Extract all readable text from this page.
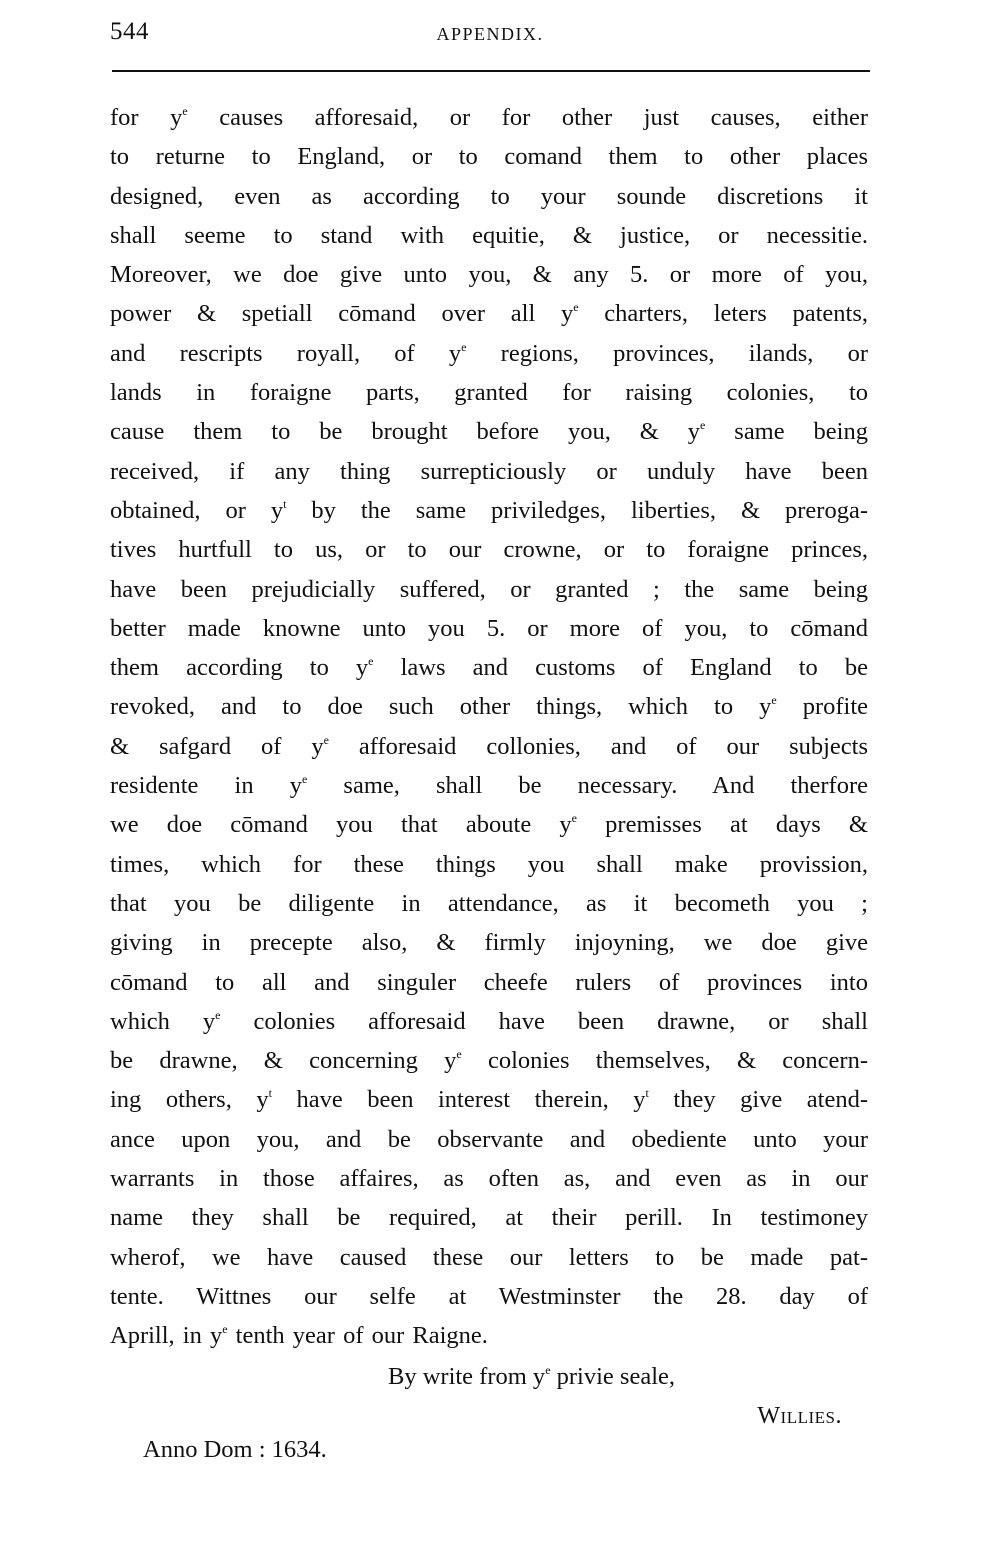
544	APPENDIX.
for $y^e$ causes afforesaid, or for other just causes, either
to returne to England, or to comand them to other places
designed, even as according to your sounde discretions it
shall seeme to stand with equitie, & justice, or necessitie.
Moreover, we doe give unto you, & any 5. or more of you,
power & spetiall cōmand over all $y^e$ charters, leters patents,
and rescripts royall, of $y^e$ regions, provinces, ilands, or
lands in foraigne parts, granted for raising colonies, to
cause them to be brought before you, & $y^e$ same being
received, if any thing surrepticiously or unduly have been
obtained, or $y^t$ by the same priviledges, liberties, & preroga-
tives hurtfull to us, or to our crowne, or to foraigne princes,
have been prejudicially suffered, or granted ; the same being
better made knowne unto you 5. or more of you, to cōmand
them according to $y^e$ laws and customs of England to be
revoked, and to doe such other things, which to $y^e$ profite
& safgard of $y^e$ afforesaid collonies, and of our subjects
residente in $y^e$ same, shall be necessary. And therfore
we doe cōmand you that aboute $y^e$ premisses at days &
times, which for these things you shall make provission,
that you be diligente in attendance, as it becometh you ;
giving in precepte also, & firmly injoyning, we doe give
cōmand to all and singuler cheefe rulers of provinces into
which $y^e$ colonies afforesaid have been drawne, or shall
be drawne, & concerning $y^e$ colonies themselves, & concern-
ing others, $y^t$ have been interest therein, $y^t$ they give atend-
ance upon you, and be observante and obediente unto your
warrants in those affaires, as often as, and even as in our
name they shall be required, at their perill. In testimoney
wherof, we have caused these our letters to be made pat-
tente. Wittnes our selfe at Westminster the 28. day of
Aprill, in $y^e$ tenth year of our Raigne.
By write from $y^e$ privie seale,
Willies.
Anno Dom : 1634.
